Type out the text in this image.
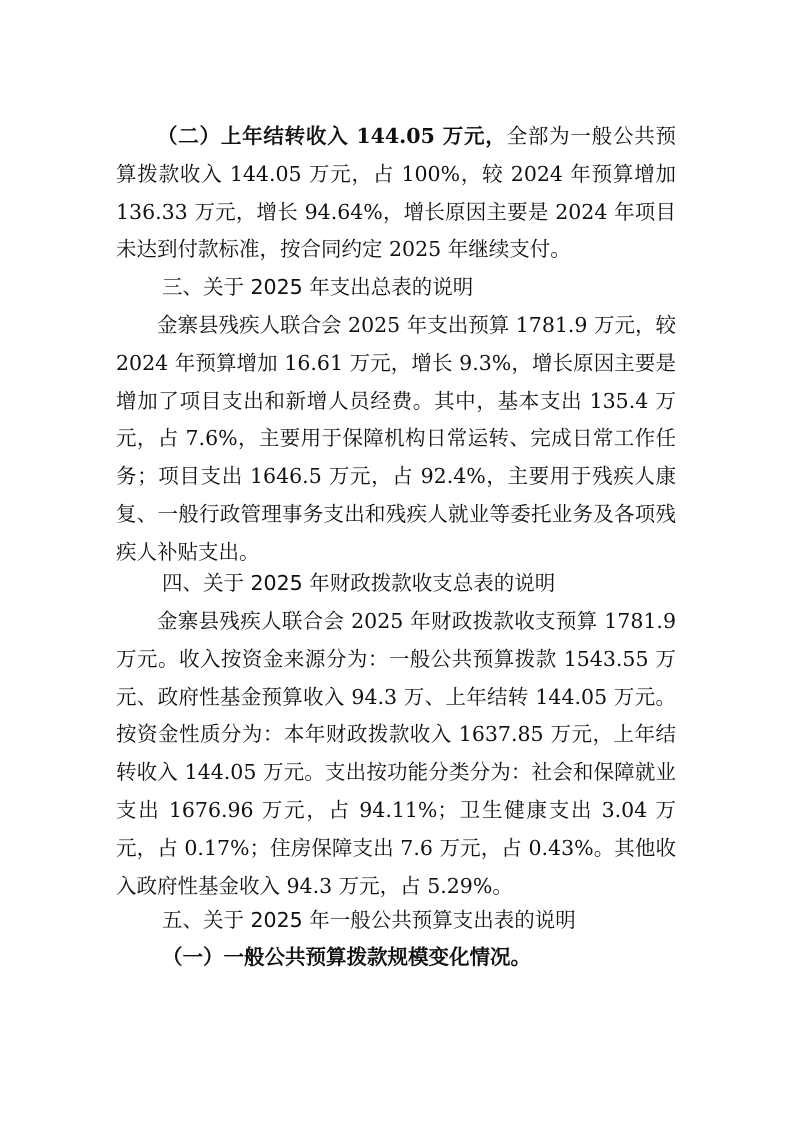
（二）上年结转收入 144.05 万元，全部为一般公共预算拨款收入 144.05 万元，占 100%，较 2024 年预算增加 136.33 万元，增长 94.64%，增长原因主要是 2024 年项目未达到付款标准，按合同约定 2025 年继续支付。

三、关于 2025 年支出总表的说明

金寨县残疾人联合会 2025 年支出预算 1781.9 万元，较 2024 年预算增加 16.61 万元，增长 9.3%，增长原因主要是增加了项目支出和新增人员经费。其中，基本支出 135.4 万元，占 7.6%，主要用于保障机构日常运转、完成日常工作任务；项目支出 1646.5 万元，占 92.4%，主要用于残疾人康复、一般行政管理事务支出和残疾人就业等委托业务及各项残疾人补贴支出。

四、关于 2025 年财政拨款收支总表的说明

金寨县残疾人联合会 2025 年财政拨款收支预算 1781.9 万元。收入按资金来源分为：一般公共预算拨款 1543.55 万元、政府性基金预算收入 94.3 万、上年结转 144.05 万元。按资金性质分为：本年财政拨款收入 1637.85 万元，上年结转收入 144.05 万元。支出按功能分类分为：社会和保障就业支出 1676.96 万元，占 94.11%；卫生健康支出 3.04 万元，占 0.17%；住房保障支出 7.6 万元，占 0.43%。其他收入政府性基金收入 94.3 万元，占 5.29%。

五、关于 2025 年一般公共预算支出表的说明

（一）一般公共预算拨款规模变化情况。
